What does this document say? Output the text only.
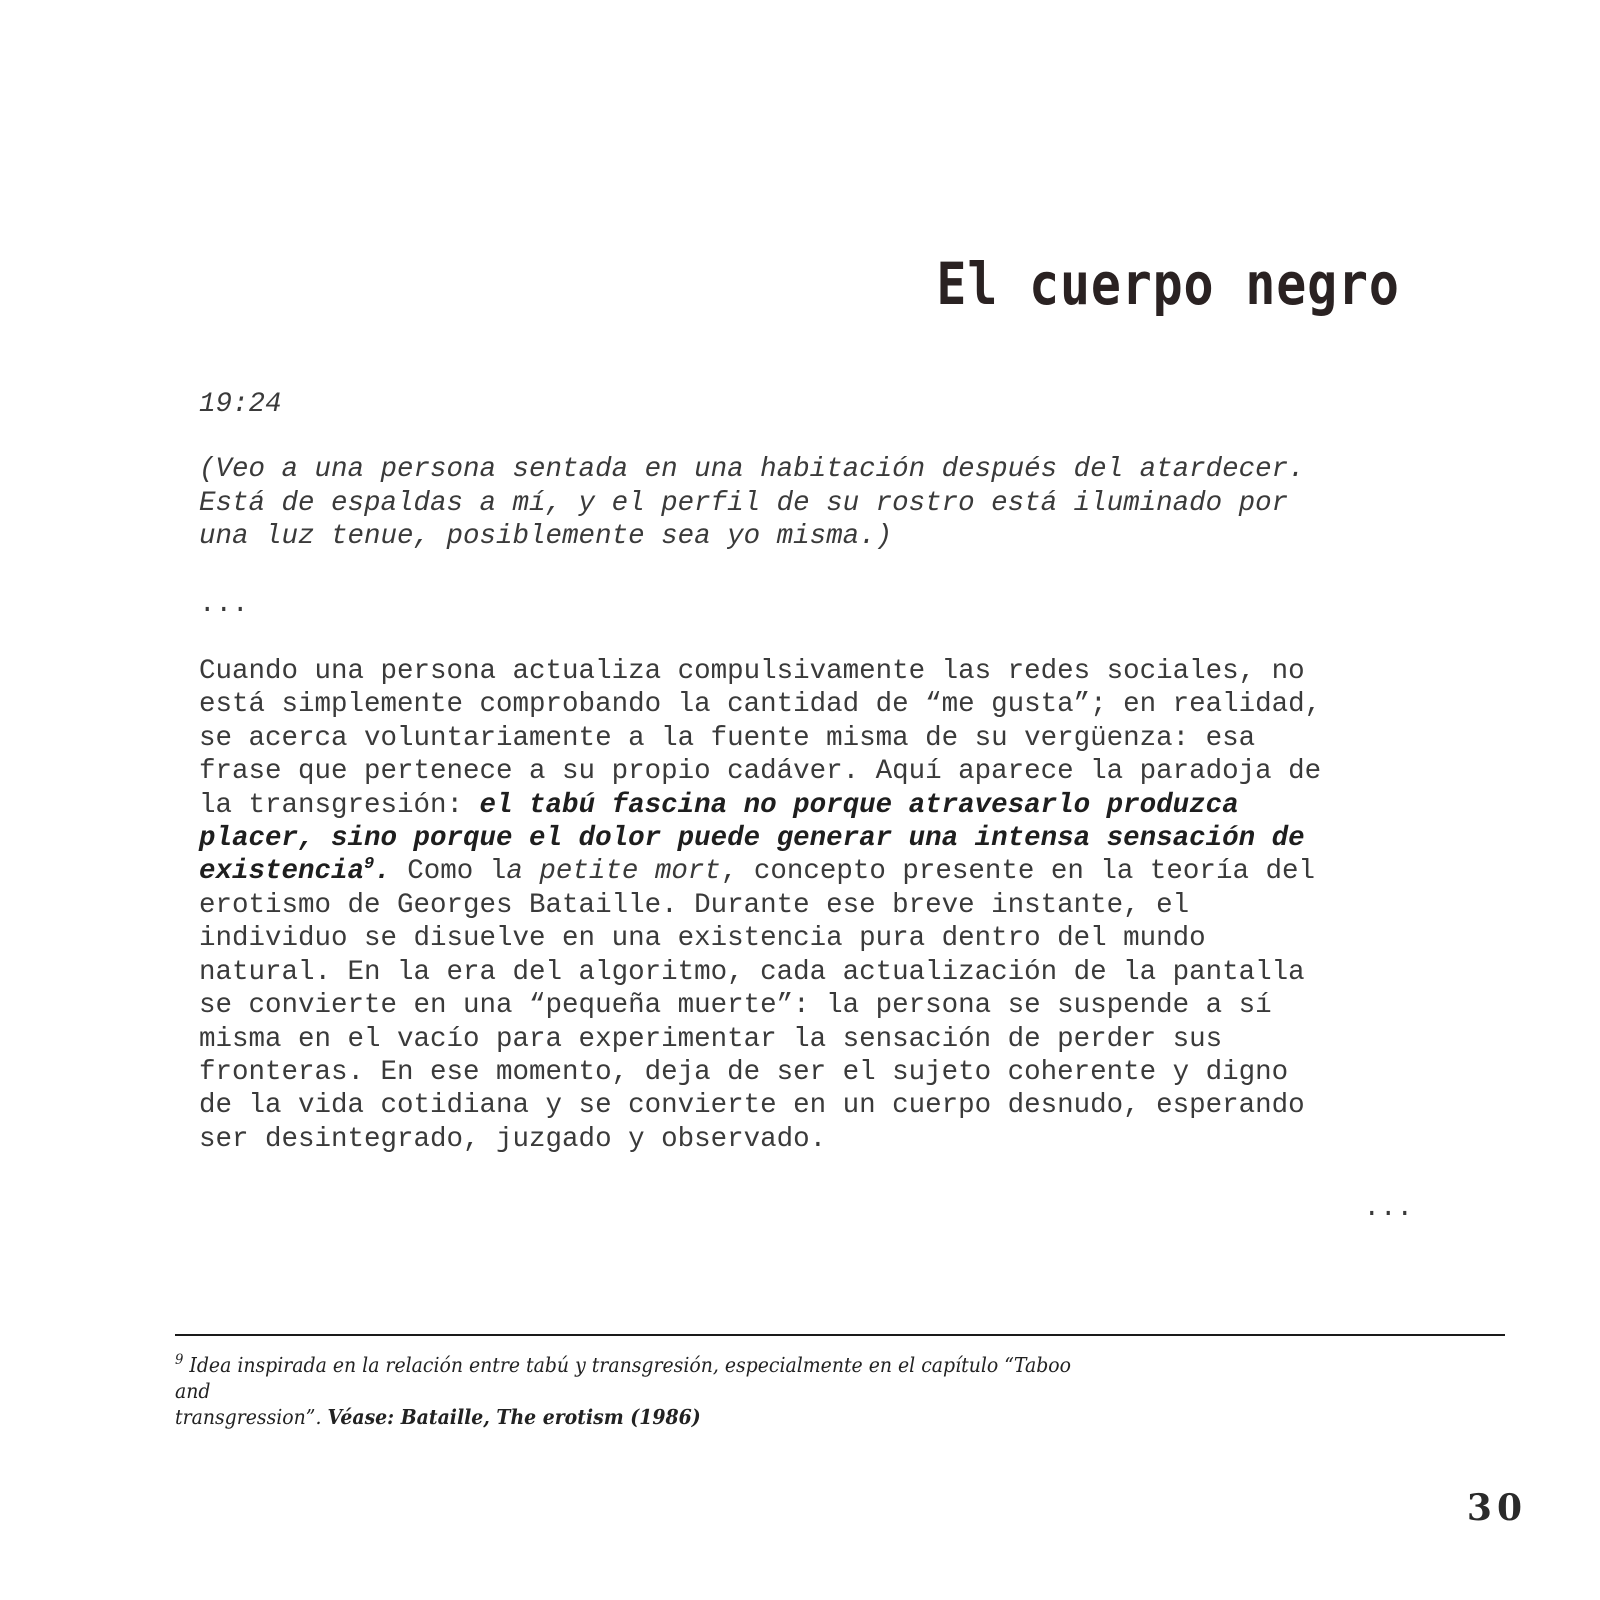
El cuerpo negro

19:24

(Veo a una persona sentada en una habitación después del atardecer.
Está de espaldas a mí, y el perfil de su rostro está iluminado por
una luz tenue, posiblemente sea yo misma.)

...

Cuando una persona actualiza compulsivamente las redes sociales, no
está simplemente comprobando la cantidad de “me gusta”; en realidad,
se acerca voluntariamente a la fuente misma de su vergüenza: esa
frase que pertenece a su propio cadáver. Aquí aparece la paradoja de
la transgresión: el tabú fascina no porque atravesarlo produzca
placer, sino porque el dolor puede generar una intensa sensación de
existencia$^9$. Como la petite mort, concepto presente en la teoría del
erotismo de Georges Bataille. Durante ese breve instante, el
individuo se disuelve en una existencia pura dentro del mundo
natural. En la era del algoritmo, cada actualización de la pantalla
se convierte en una “pequeña muerte”: la persona se suspende a sí
misma en el vacío para experimentar la sensación de perder sus
fronteras. En ese momento, deja de ser el sujeto coherente y digno
de la vida cotidiana y se convierte en un cuerpo desnudo, esperando
ser desintegrado, juzgado y observado.

...

$^9$ Idea inspirada en la relación entre tabú y transgresión, especialmente en el capítulo “Taboo and
transgression”. Véase: Bataille, The erotism (1986)

30
